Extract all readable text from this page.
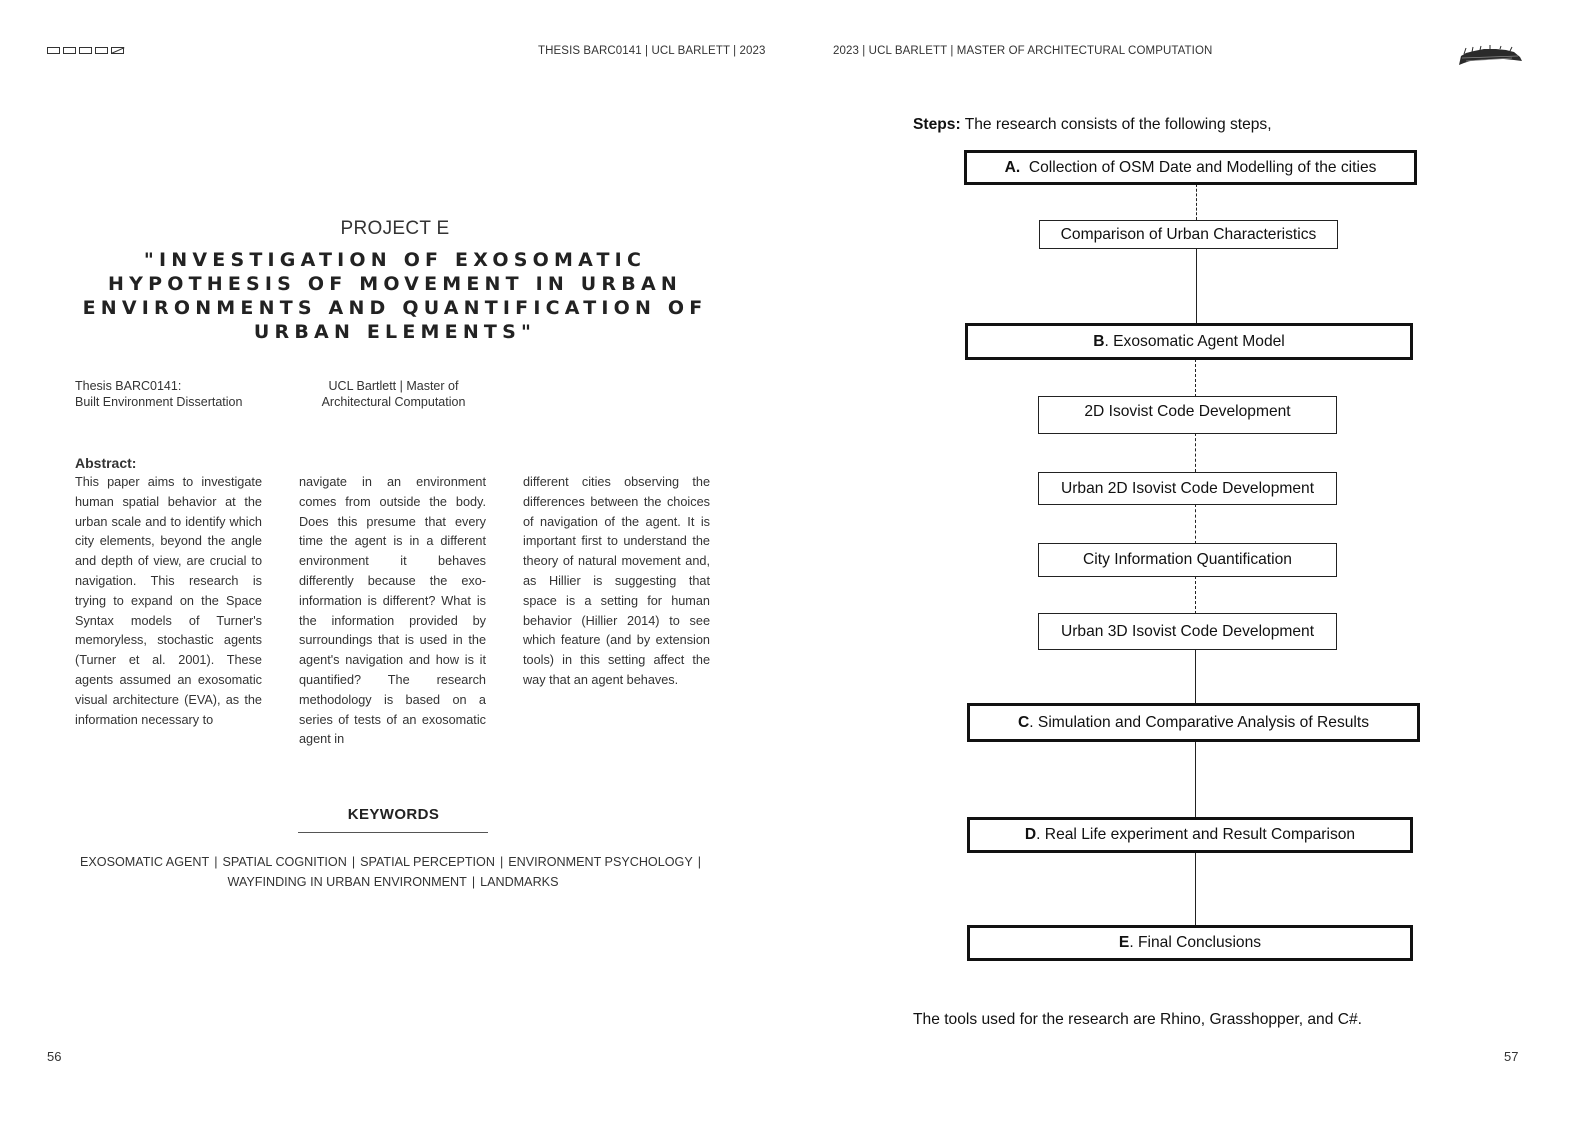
THESIS BARC0141 | UCL BARLETT | 2023	2023 | UCL BARLETT | MASTER OF ARCHITECTURAL COMPUTATION
PROJECT E
"INVESTIGATION OF EXOSOMATIC HYPOTHESIS OF MOVEMENT IN URBAN ENVIRONMENTS AND QUANTIFICATION OF URBAN ELEMENTS"
Thesis BARC0141:
Built Environment Dissertation
UCL Bartlett | Master of
Architectural Computation
Abstract:
This paper aims to investigate human spatial behavior at the urban scale and to identify which city elements, beyond the angle and depth of view, are crucial to navigation. This research is trying to expand on the Space Syntax models of Turner's memoryless, stochastic agents (Turner et al. 2001). These agents assumed an exosomatic visual architecture (EVA), as the information necessary to
navigate in an environment comes from outside the body. Does this presume that every time the agent is in a different environment it behaves differently because the exo-information is different? What is the information provided by surroundings that is used in the agent's navigation and how is it quantified? The research methodology is based on a series of tests of an exosomatic agent in
different cities observing the differences between the choices of navigation of the agent. It is important first to understand the theory of natural movement and, as Hillier is suggesting that space is a setting for human behavior (Hillier 2014) to see which feature (and by extension tools) in this setting affect the way that an agent behaves.
KEYWORDS
EXOSOMATIC AGENT | SPATIAL COGNITION | SPATIAL PERCEPTION | ENVIRONMENT PSYCHOLOGY |
WAYFINDING IN URBAN ENVIRONMENT | LANDMARKS
56
Steps: The research consists of the following steps,
A.
Collection of OSM Date and Modelling of the cities
Comparison of Urban Characteristics
B . Exosomatic Agent Model
2D Isovist Code Development
Urban 2D Isovist Code Development
City Information Quantification
Urban 3D Isovist Code Development
C . Simulation and Comparative Analysis of Results
D . Real Life experiment and Result Comparison
E . Final Conclusions
The tools used for the research are Rhino, Grasshopper, and C#.
57
